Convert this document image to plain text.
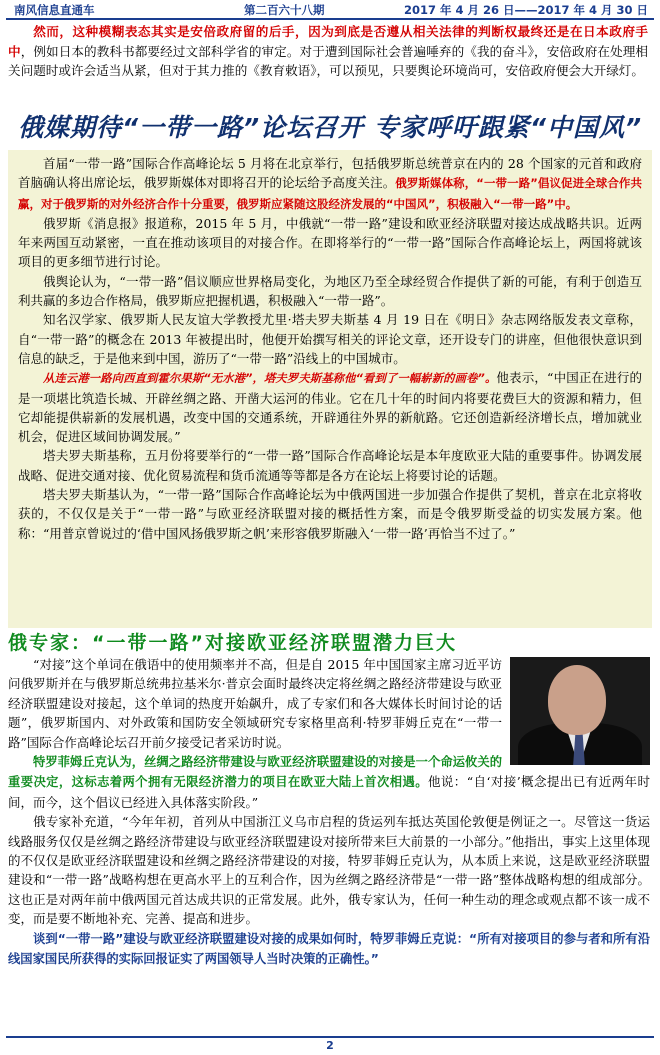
南风信息直通车	第二百六十八期	2017 年 4 月 26 日——2017 年 4 月 30 日

然而，这种模糊表态其实是安倍政府留的后手，因为到底是否遵从相关法律的判断权最终还是在日本政府手中，例如日本的教科书都要经过文部科学省的审定。对于遭到国际社会普遍唾弃的《我的奋斗》，安倍政府在处理相关问题时或许会适当从紧，但对于其力推的《教育敕语》，可以预见，只要舆论环境尚可，安倍政府便会大开绿灯。

俄媒期待“一带一路”论坛召开 专家呼吁跟紧“中国风”

首届“一带一路”国际合作高峰论坛 5 月将在北京举行，包括俄罗斯总统普京在内的 28 个国家的元首和政府首脑确认将出席论坛，俄罗斯媒体对即将召开的论坛给予高度关注。俄罗斯媒体称，“一带一路”倡议促进全球合作共赢，对于俄罗斯的对外经济合作十分重要，俄罗斯应紧随这股经济发展的“中国风”，积极融入“一带一路”中。

俄罗斯《消息报》报道称，2015 年 5 月，中俄就“一带一路”建设和欧亚经济联盟对接达成战略共识。近两年来两国互动紧密，一直在推动该项目的对接合作。在即将举行的“一带一路”国际合作高峰论坛上，两国将就该项目的更多细节进行讨论。

俄舆论认为，“一带一路”倡议顺应世界格局变化，为地区乃至全球经贸合作提供了新的可能，有利于创造互利共赢的多边合作格局，俄罗斯应把握机遇，积极融入“一带一路”。

知名汉学家、俄罗斯人民友谊大学教授尤里·塔夫罗夫斯基 4 月 19 日在《明日》杂志网络版发表文章称，自“一带一路”的概念在 2013 年被提出时，他便开始撰写相关的评论文章，还开设专门的讲座，但他很快意识到信息的缺乏，于是他来到中国，游历了“一带一路”沿线上的中国城市。

从连云港一路向西直到霍尔果斯“无水港”，塔夫罗夫斯基称他“看到了一幅崭新的画卷”。他表示，“中国正在进行的是一项堪比筑造长城、开辟丝绸之路、开凿大运河的伟业。它在几十年的时间内将要花费巨大的资源和精力，但它却能提供崭新的发展机遇，改变中国的交通系统，开辟通往外界的新航路。它还创造新经济增长点，增加就业机会，促进区域间协调发展。”

塔夫罗夫斯基称，五月份将要举行的“一带一路”国际合作高峰论坛是本年度欧亚大陆的重要事件。协调发展战略、促进交通对接、优化贸易流程和货币流通等等都是各方在论坛上将要讨论的话题。

塔夫罗夫斯基认为，“一带一路”国际合作高峰论坛为中俄两国进一步加强合作提供了契机，普京在北京将收获的，不仅仅是关于“一带一路”与欧亚经济联盟对接的概括性方案，而是令俄罗斯受益的切实发展方案。他称：“用普京曾说过的‘借中国风扬俄罗斯之帆’来形容俄罗斯融入‘一带一路’再恰当不过了。”

俄专家：“一带一路”对接欧亚经济联盟潜力巨大

“对接”这个单词在俄语中的使用频率并不高，但是自 2015 年中国国家主席习近平访问俄罗斯并在与俄罗斯总统弗拉基米尔·普京会面时最终决定将丝绸之路经济带建设与欧亚经济联盟建设对接起，这个单词的热度开始飙升，成了专家们和各大媒体长时间讨论的话题”，俄罗斯国内、对外政策和国防安全领域研究专家格里高利·特罗菲姆丘克在“一带一路”国际合作高峰论坛召开前夕接受记者采访时说。

特罗菲姆丘克认为，丝绸之路经济带建设与欧亚经济联盟建设的对接是一个命运攸关的重要决定，这标志着两个拥有无限经济潜力的项目在欧亚大陆上首次相遇。他说：“自‘对接’概念提出已有近两年时间，而今，这个倡议已经进入具体落实阶段。”

俄专家补充道，“今年年初，首列从中国浙江义乌市启程的货运列车抵达英国伦敦便是例证之一。尽管这一货运线路服务仅仅是丝绸之路经济带建设与欧亚经济联盟建设对接所带来巨大前景的一小部分。”他指出，事实上这里体现的不仅仅是欧亚经济联盟建设和丝绸之路经济带建设的对接，特罗菲姆丘克认为，从本质上来说，这是欧亚经济联盟建设和“一带一路”战略构想在更高水平上的互利合作，因为丝绸之路经济带是“一带一路”整体战略构想的组成部分。这也正是对两年前中俄两国元首达成共识的正常发展。此外，俄专家认为，任何一种生动的理念或观点都不该一成不变，而是要不断地补充、完善、提高和进步。

谈到“一带一路”建设与欧亚经济联盟建设对接的成果如何时，特罗菲姆丘克说：“所有对接项目的参与者和所有沿线国家国民所获得的实际回报证实了两国领导人当时决策的正确性。”

2
